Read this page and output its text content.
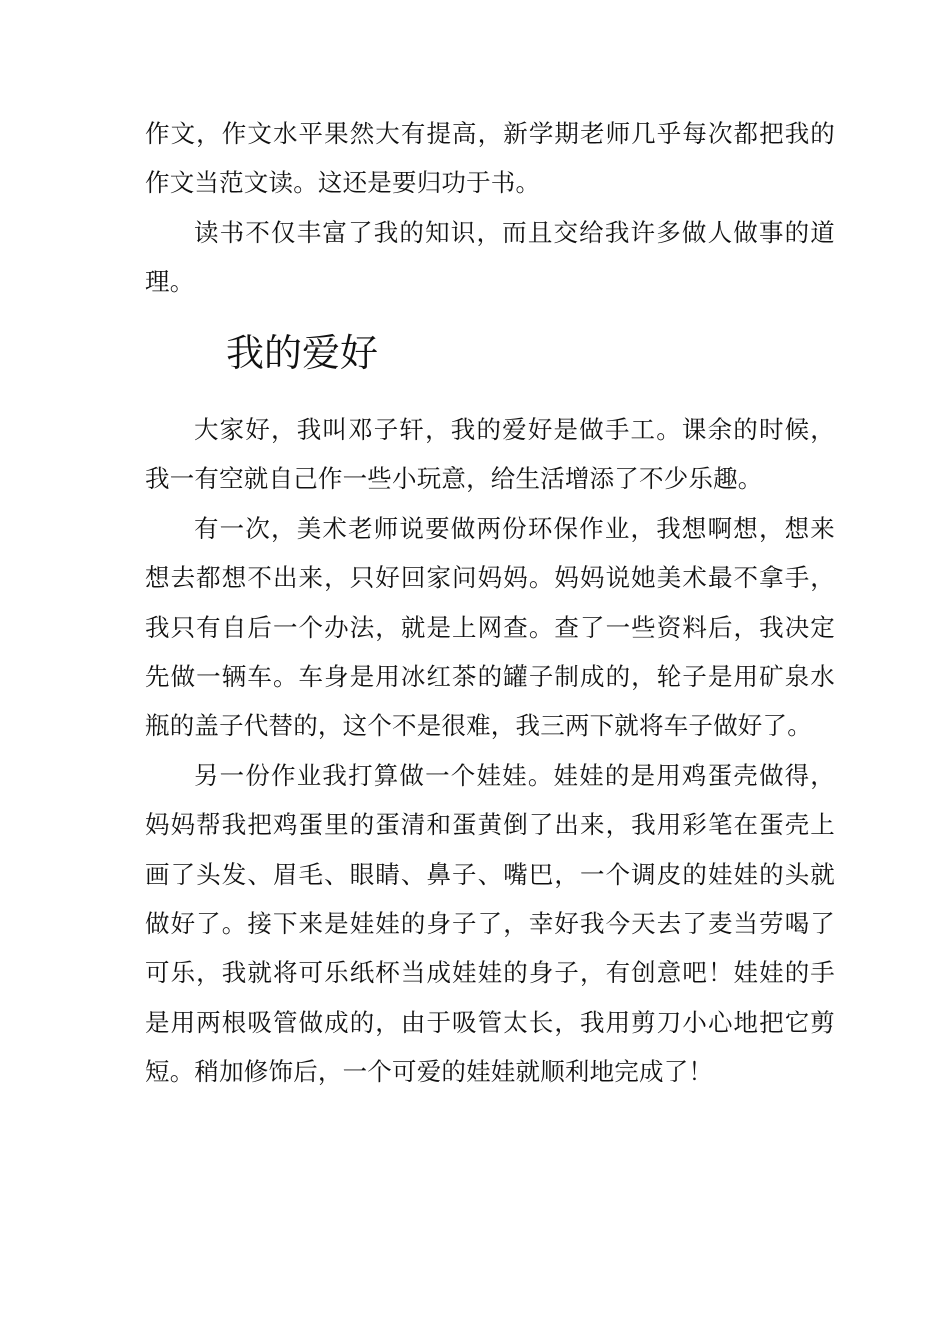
作文，作文水平果然大有提高，新学期老师几乎每次都把我的作文当范文读。这还是要归功于书。

读书不仅丰富了我的知识，而且交给我许多做人做事的道理。

我的爱好

大家好，我叫邓子轩，我的爱好是做手工。课余的时候，我一有空就自己作一些小玩意，给生活增添了不少乐趣。

有一次，美术老师说要做两份环保作业，我想啊想，想来想去都想不出来，只好回家问妈妈。妈妈说她美术最不拿手，我只有自后一个办法，就是上网查。查了一些资料后，我决定先做一辆车。车身是用冰红茶的罐子制成的，轮子是用矿泉水瓶的盖子代替的，这个不是很难，我三两下就将车子做好了。

另一份作业我打算做一个娃娃。娃娃的是用鸡蛋壳做得，妈妈帮我把鸡蛋里的蛋清和蛋黄倒了出来，我用彩笔在蛋壳上画了头发、眉毛、眼睛、鼻子、嘴巴，一个调皮的娃娃的头就做好了。接下来是娃娃的身子了，幸好我今天去了麦当劳喝了可乐，我就将可乐纸杯当成娃娃的身子，有创意吧！娃娃的手是用两根吸管做成的，由于吸管太长，我用剪刀小心地把它剪短。稍加修饰后，一个可爱的娃娃就顺利地完成了！
